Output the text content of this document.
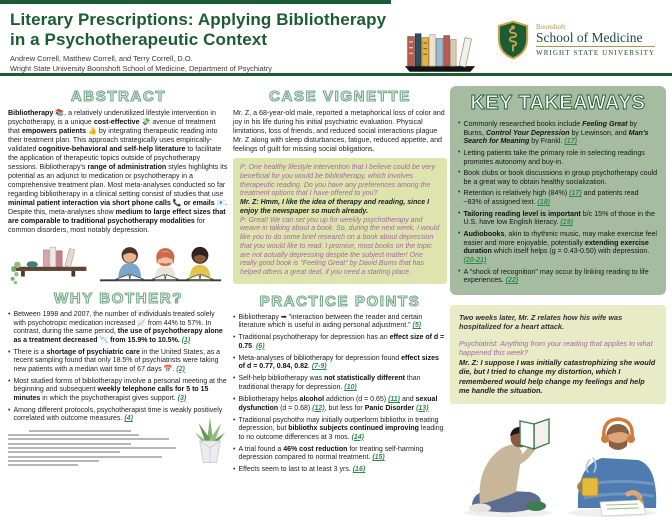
Literary Prescriptions: Applying Bibliotherapy
in a Psychotherapeutic Context
Andrew Correll, Matthew Correll, and Terry Correll, D.O.
Wright State University Boonshoft School of Medicine, Department of Psychiatry
Boonshoft
School of Medicine
WRIGHT STATE UNIVERSITY
ABSTRACT

Bibliotherapy 📚, a relatively underutilized lifestyle intervention in psychotherapy, is a unique cost-effective 💸 avenue of treatment that empowers patients 👍 by integrating therapeutic reading into their treatment plan. This approach strategically uses empirically-validated cognitive-behavioral and self-help literature to facilitate the application of therapeutic topics outside of psychotherapy sessions. Bibliotherapy's range of administration styles highlights its potential as an adjunct to medication or psychotherapy in a comprehensive treatment plan. Most meta-analyses conducted so far regarding bibliotherapy in a clinical setting consist of studies that use minimal patient interaction via short phone calls 📞 or emails 📧. Despite this, meta-analyses show medium to large effect sizes that are comparable to traditional psychotherapy modalities for common disorders, most notably depression.

WHY BOTHER?
• Between 1998 and 2007, the number of individuals treated solely with psychotropic medication increased 📈 from 44% to 57%. In contrast, during the same period, the use of psychotherapy alone as a treatment decreased 📉 from 15.9% to 10.5%. (1)
• There is a shortage of psychiatric care in the United States, as a recent sampling found that only 18.5% of psychiatrists were taking new patients with a median wait time of 67 days 📅. (2)
• Most studied forms of bibliotherapy involve a personal meeting at the beginning and subsequent weekly telephone calls for 5 to 15 minutes in which the psychotherapist gives support. (3)
• Among different protocols, psychotherapist time is weakly positively correlated with outcome measures. (4)
CASE VIGNETTE

Mr. Z, a 68-year-old male, reported a metaphorical loss of color and joy in his life during his initial psychiatric evaluation. Physical limitations, loss of friends, and reduced social interactions plague Mr. Z along with sleep disturbances, fatigue, reduced appetite, and feelings of guilt for missing social obligations.

P: One healthy lifestyle intervention that I believe could be very beneficial for you would be bibliotherapy, which involves therapeutic reading. Do you have any preferences among the treatment options that I have offered to you?
Mr. Z: Hmm, I like the idea of therapy and reading, since I enjoy the newspaper so much already.
P: Great! We can set you up for weekly psychotherapy and weave in talking about a book. So, during the next week, I would like you to do some brief research on a book about depression that you would like to read. I promise, most books on the topic are not actually depressing despite the subject matter! One really good book is "Feeling Great" by David Burns that has helped others a great deal, if you need a starting place.
PRACTICE POINTS
• Bibliotherapy ➡ "interaction between the reader and certain literature which is useful in aiding personal adjustment." (5)
• Traditional psychotherapy for depression has an effect size of d = 0.75. (6)
• Meta-analyses of bibliotherapy for depression found effect sizes of d = 0.77, 0.84, 0.82. (7-9)
• Self-help bibliotherapy was not statistically different than traditional therapy for depression. (10)
• Bibliotherapy helps alcohol addiction (d = 0.65) (11) and sexual dysfunction (d = 0.68) (12), but less for Panic Disorder (13)
• Traditional psychothx may initially outperform bibliothx in treating depression, but bibliothx subjects continued improving leading to no outcome differences at 3 mos. (14)
• A trial found a 46% cost reduction for treating self-harming depression compared to normal treatment. (15)
• Effects seem to last to at least 3 yrs. (16)
KEY TAKEAWAYS
• Commonly researched books include Feeling Great by Burns, Control Your Depression by Lewinson, and Man's Search for Meaning by Frankl. (17)
• Letting patients take the primary role in selecting readings promotes autonomy and buy-in.
• Book clubs or book discussions in group psychotherapy could be a great way to obtain healthy socialization.
• Retention is relatively high (84%) (17) and patients read ~83% of assigned text. (18)
• Tailoring reading level is important b/c 15% of those in the U.S. have low English literacy. (19)
• Audiobooks, akin to rhythmic music, may make exercise feel easier and more enjoyable, potentially extending exercise duration which itself helps (g = 0.43-0.50) with depression. (20-21)
• A "shock of recognition" may occur by linking reading to life experiences. (22)
Two weeks later, Mr. Z relates how his wife was hospitalized for a heart attack.
Psychiatrist: Anything from your reading that applies to what happened this week?
Mr. Z: I suppose I was initially catastrophizing she would die, but I tried to change my distortion, which I remembered would help change my feelings and help me handle the situation.
